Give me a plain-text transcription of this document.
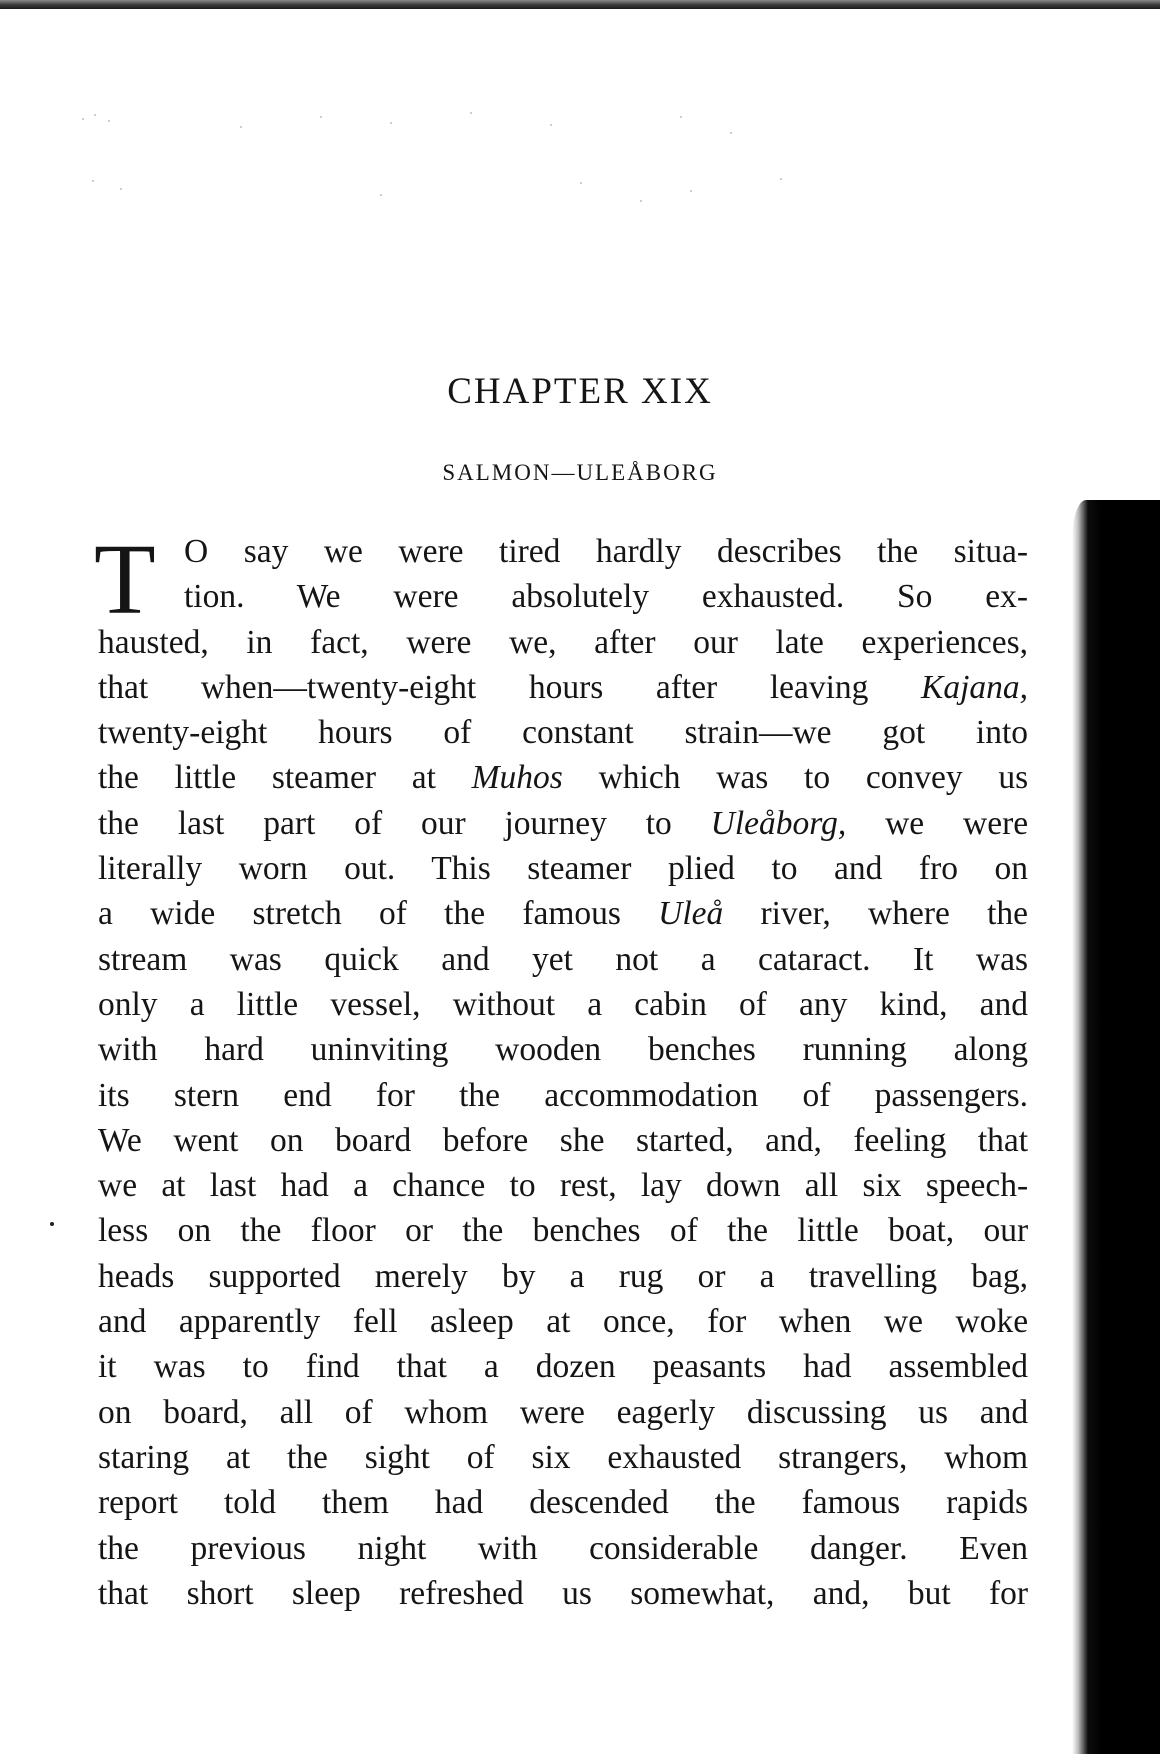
CHAPTER XIX
SALMON—ULEÅBORG
T O say we were tired hardly describes the situa-
tion. We were absolutely exhausted. So ex-
hausted, in fact, were we, after our late experiences,
that when—twenty-eight hours after leaving Kajana,
twenty-eight hours of constant strain—we got into
the little steamer at Muhos which was to convey us
the last part of our journey to Uleåborg, we were
literally worn out. This steamer plied to and fro on
a wide stretch of the famous Uleå river, where the
stream was quick and yet not a cataract. It was
only a little vessel, without a cabin of any kind, and
with hard uninviting wooden benches running along
its stern end for the accommodation of passengers.
We went on board before she started, and, feeling that
we at last had a chance to rest, lay down all six speech-
less on the floor or the benches of the little boat, our
heads supported merely by a rug or a travelling bag,
and apparently fell asleep at once, for when we woke
it was to find that a dozen peasants had assembled
on board, all of whom were eagerly discussing us and
staring at the sight of six exhausted strangers, whom
report told them had descended the famous rapids
the previous night with considerable danger. Even
that short sleep refreshed us somewhat, and, but for
